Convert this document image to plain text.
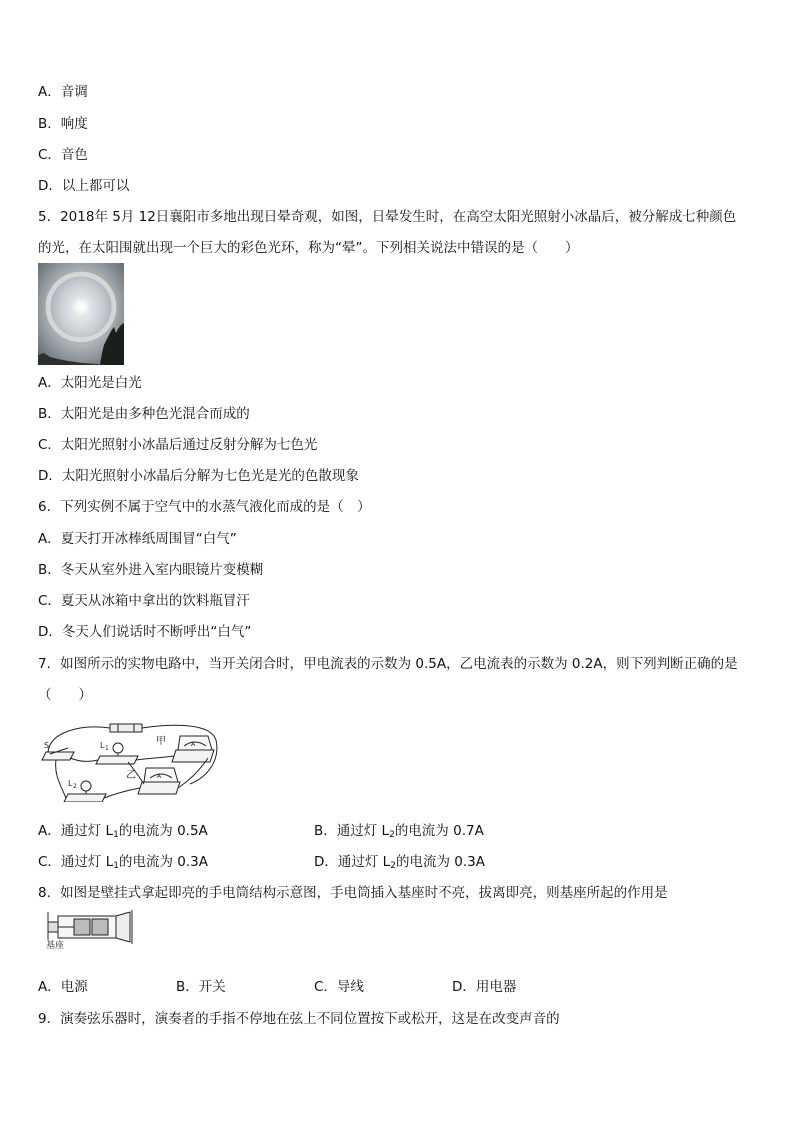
A．音调
B．响度
C．音色
D．以上都可以
5．2018年 5月 12日襄阳市多地出现日晕奇观，如图，日晕发生时，在高空太阳光照射小冰晶后，被分解成七种颜色
的光，在太阳围就出现一个巨大的彩色光环，称为“晕”。下列相关说法中错误的是（　　）
A．太阳光是白光
B．太阳光是由多种色光混合而成的
C．太阳光照射小冰晶后通过反射分解为七色光
D．太阳光照射小冰晶后分解为七色光是光的色散现象
6．下列实例不属于空气中的水蒸气液化而成的是（　）
A．夏天打开冰棒纸周围冒“白气”
B．冬天从室外进入室内眼镜片变模糊
C．夏天从冰箱中拿出的饮料瓶冒汗
D．冬天人们说话时不断呼出“白气”
7．如图所示的实物电路中，当开关闭合时，甲电流表的示数为 0.5A，乙电流表的示数为 0.2A，则下列判断正确的是
（　　）
S	L 1
甲
乙
L 2
A
A
A．通过灯 $L_1$的电流为 0.5A	B．通过灯 $L_2$的电流为 0.7A
C．通过灯 $L_1$的电流为 0.3A	D．通过灯 $L_2$的电流为 0.3A
8．如图是壁挂式拿起即亮的手电筒结构示意图，手电筒插入基座时不亮，拔离即亮，则基座所起的作用是
基座
A．电源	B．开关	C．导线	D．用电器
9．演奏弦乐器时，演奏者的手指不停地在弦上不同位置按下或松开，这是在改变声音的
